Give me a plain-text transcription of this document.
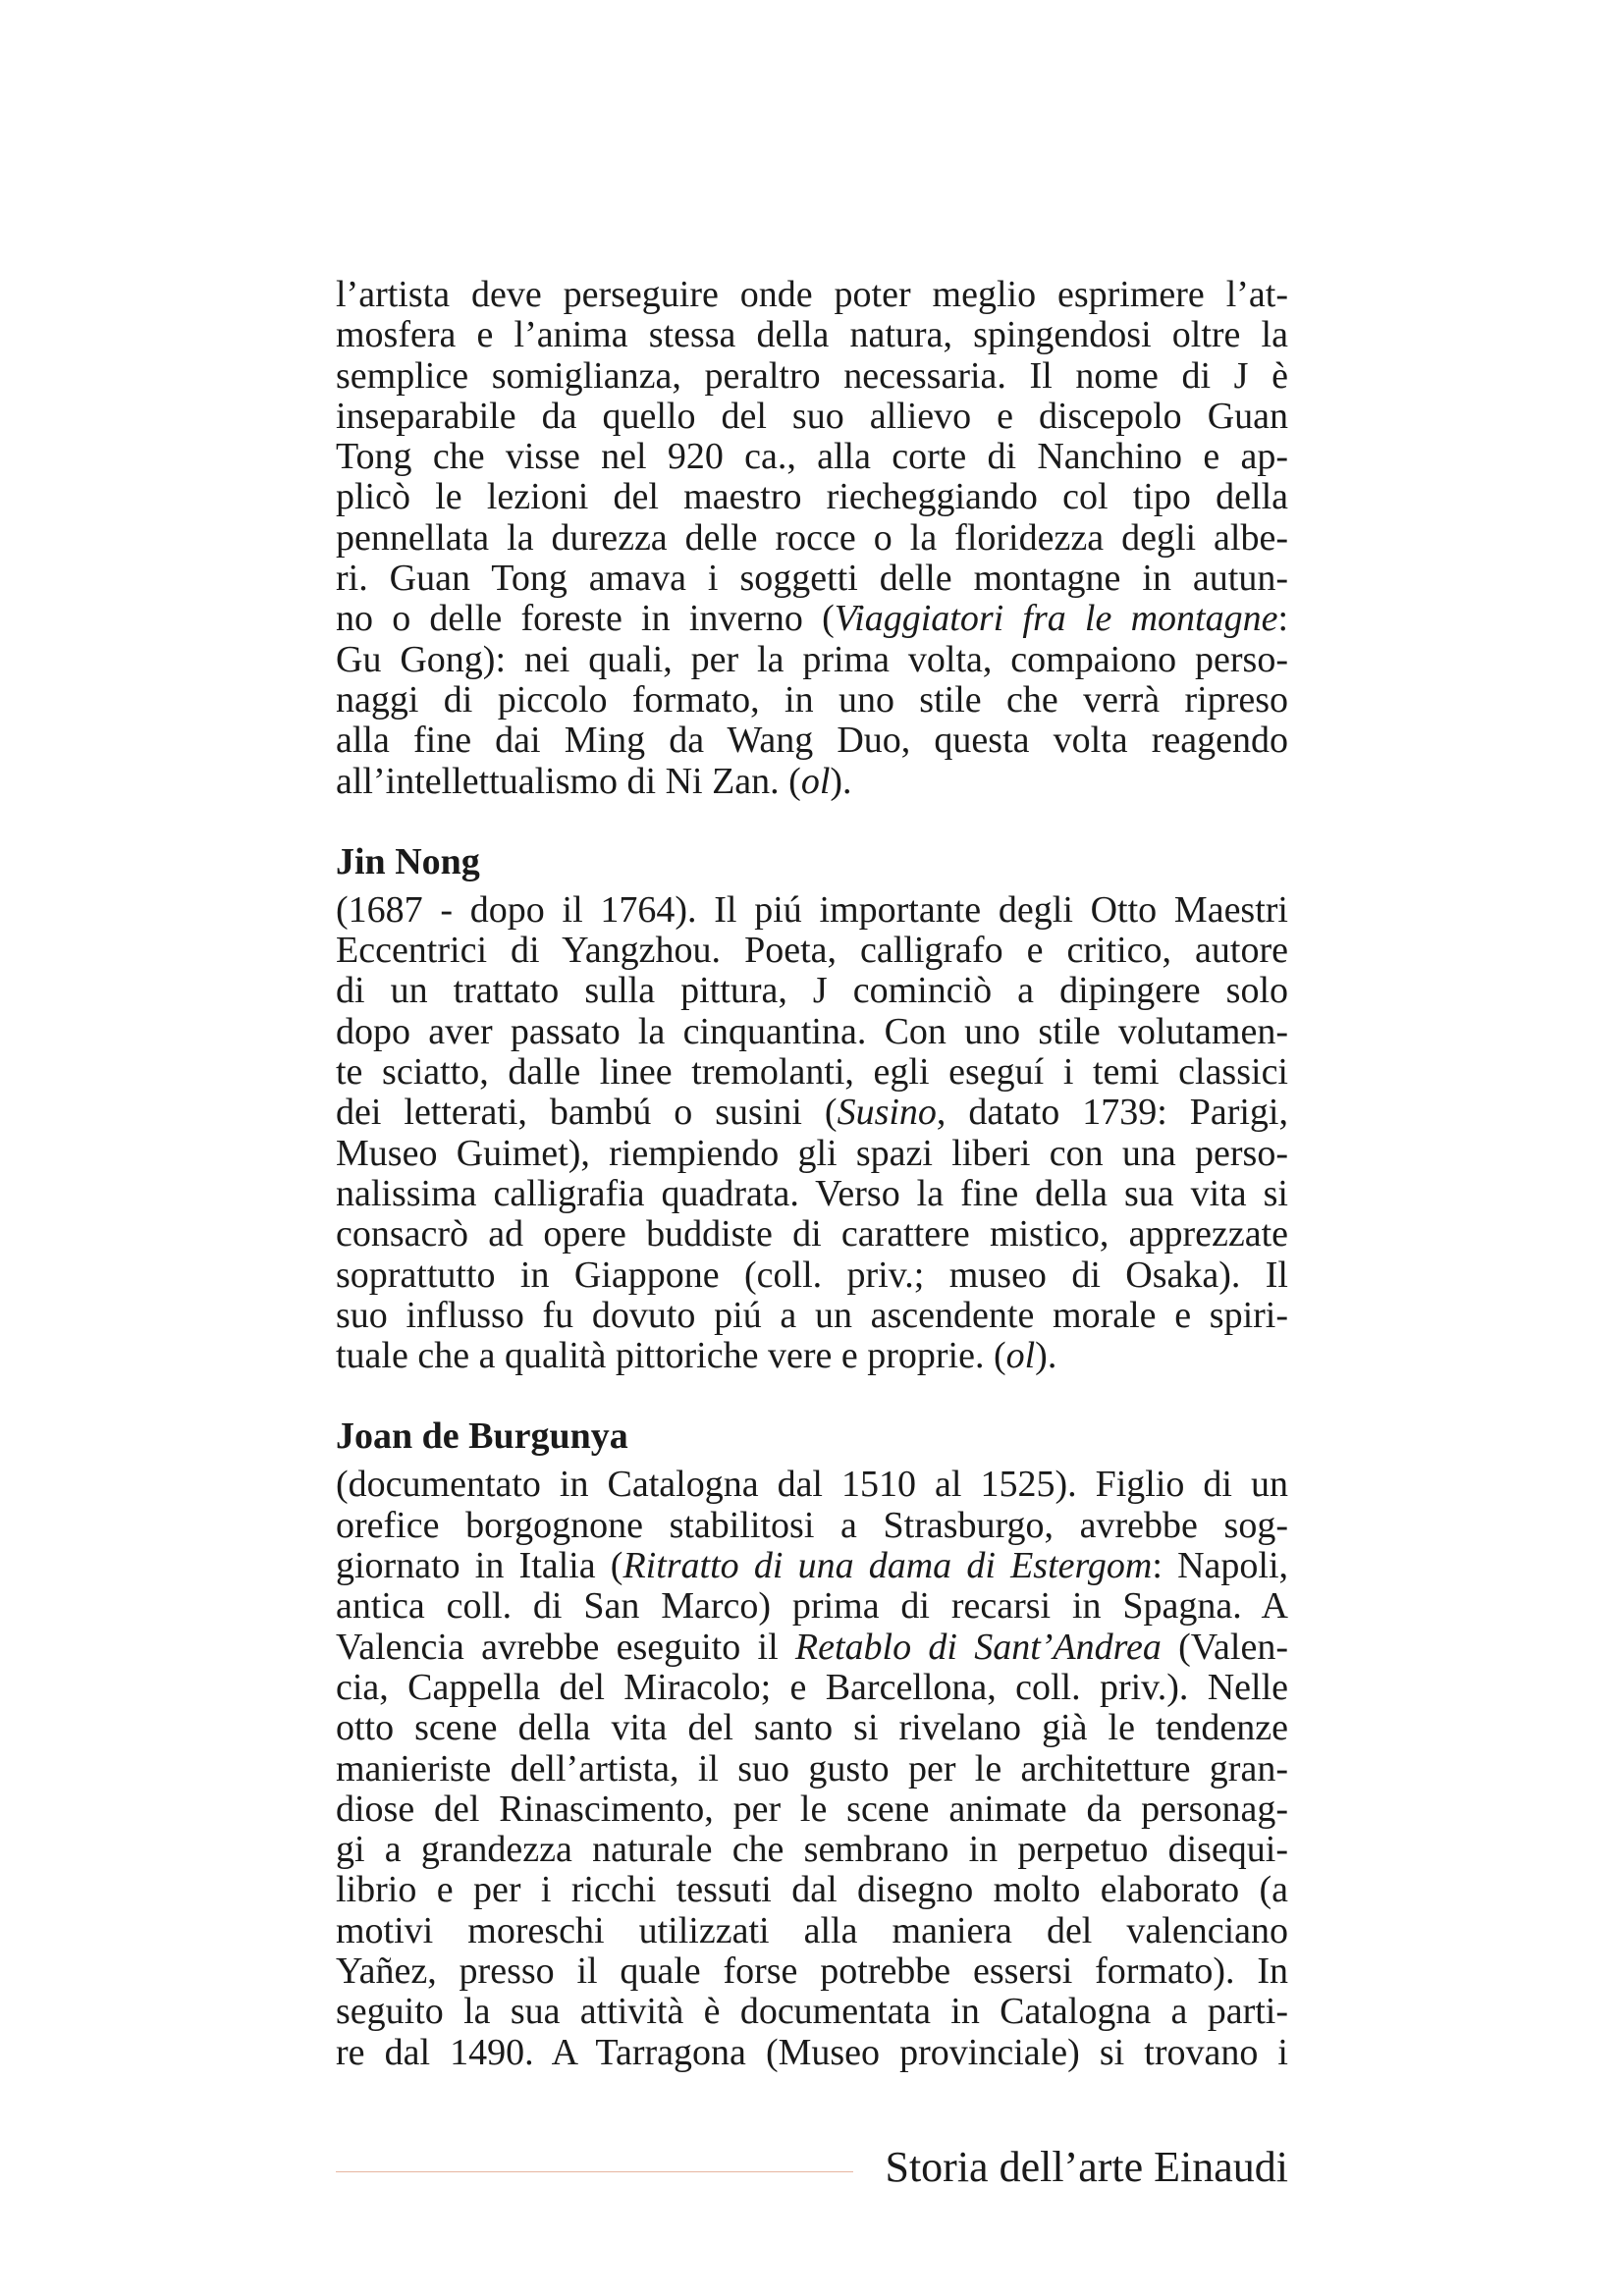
l’artista deve perseguire onde poter meglio esprimere l’at-
mosfera e l’anima stessa della natura, spingendosi oltre la
semplice somiglianza, peraltro necessaria. Il nome di J è
inseparabile da quello del suo allievo e discepolo Guan
Tong che visse nel 920 ca., alla corte di Nanchino e ap-
plicò le lezioni del maestro riecheggiando col tipo della
pennellata la durezza delle rocce o la floridezza degli albe-
ri. Guan Tong amava i soggetti delle montagne in autun-
no o delle foreste in inverno (Viaggiatori fra le montagne:
Gu Gong): nei quali, per la prima volta, compaiono perso-
naggi di piccolo formato, in uno stile che verrà ripreso
alla fine dai Ming da Wang Duo, questa volta reagendo
all’intellettualismo di Ni Zan. (ol).
Jin Nong
(1687 - dopo il 1764). Il piú importante degli Otto Maestri
Eccentrici di Yangzhou. Poeta, calligrafo e critico, autore
di un trattato sulla pittura, J cominciò a dipingere solo
dopo aver passato la cinquantina. Con uno stile volutamen-
te sciatto, dalle linee tremolanti, egli eseguí i temi classici
dei letterati, bambú o susini (Susino, datato 1739: Parigi,
Museo Guimet), riempiendo gli spazi liberi con una perso-
nalissima calligrafia quadrata. Verso la fine della sua vita si
consacrò ad opere buddiste di carattere mistico, apprezzate
soprattutto in Giappone (coll. priv.; museo di Osaka). Il
suo influsso fu dovuto piú a un ascendente morale e spiri-
tuale che a qualità pittoriche vere e proprie. (ol).
Joan de Burgunya
(documentato in Catalogna dal 1510 al 1525). Figlio di un
orefice borgognone stabilitosi a Strasburgo, avrebbe sog-
giornato in Italia (Ritratto di una dama di Estergom: Napoli,
antica coll. di San Marco) prima di recarsi in Spagna. A
Valencia avrebbe eseguito il Retablo di Sant’Andrea (Valen-
cia, Cappella del Miracolo; e Barcellona, coll. priv.). Nelle
otto scene della vita del santo si rivelano già le tendenze
manieriste dell’artista, il suo gusto per le architetture gran-
diose del Rinascimento, per le scene animate da personag-
gi a grandezza naturale che sembrano in perpetuo disequi-
librio e per i ricchi tessuti dal disegno molto elaborato (a
motivi moreschi utilizzati alla maniera del valenciano
Yañez, presso il quale forse potrebbe essersi formato). In
seguito la sua attività è documentata in Catalogna a parti-
re dal 1490. A Tarragona (Museo provinciale) si trovano i
Storia dell’arte Einaudi
